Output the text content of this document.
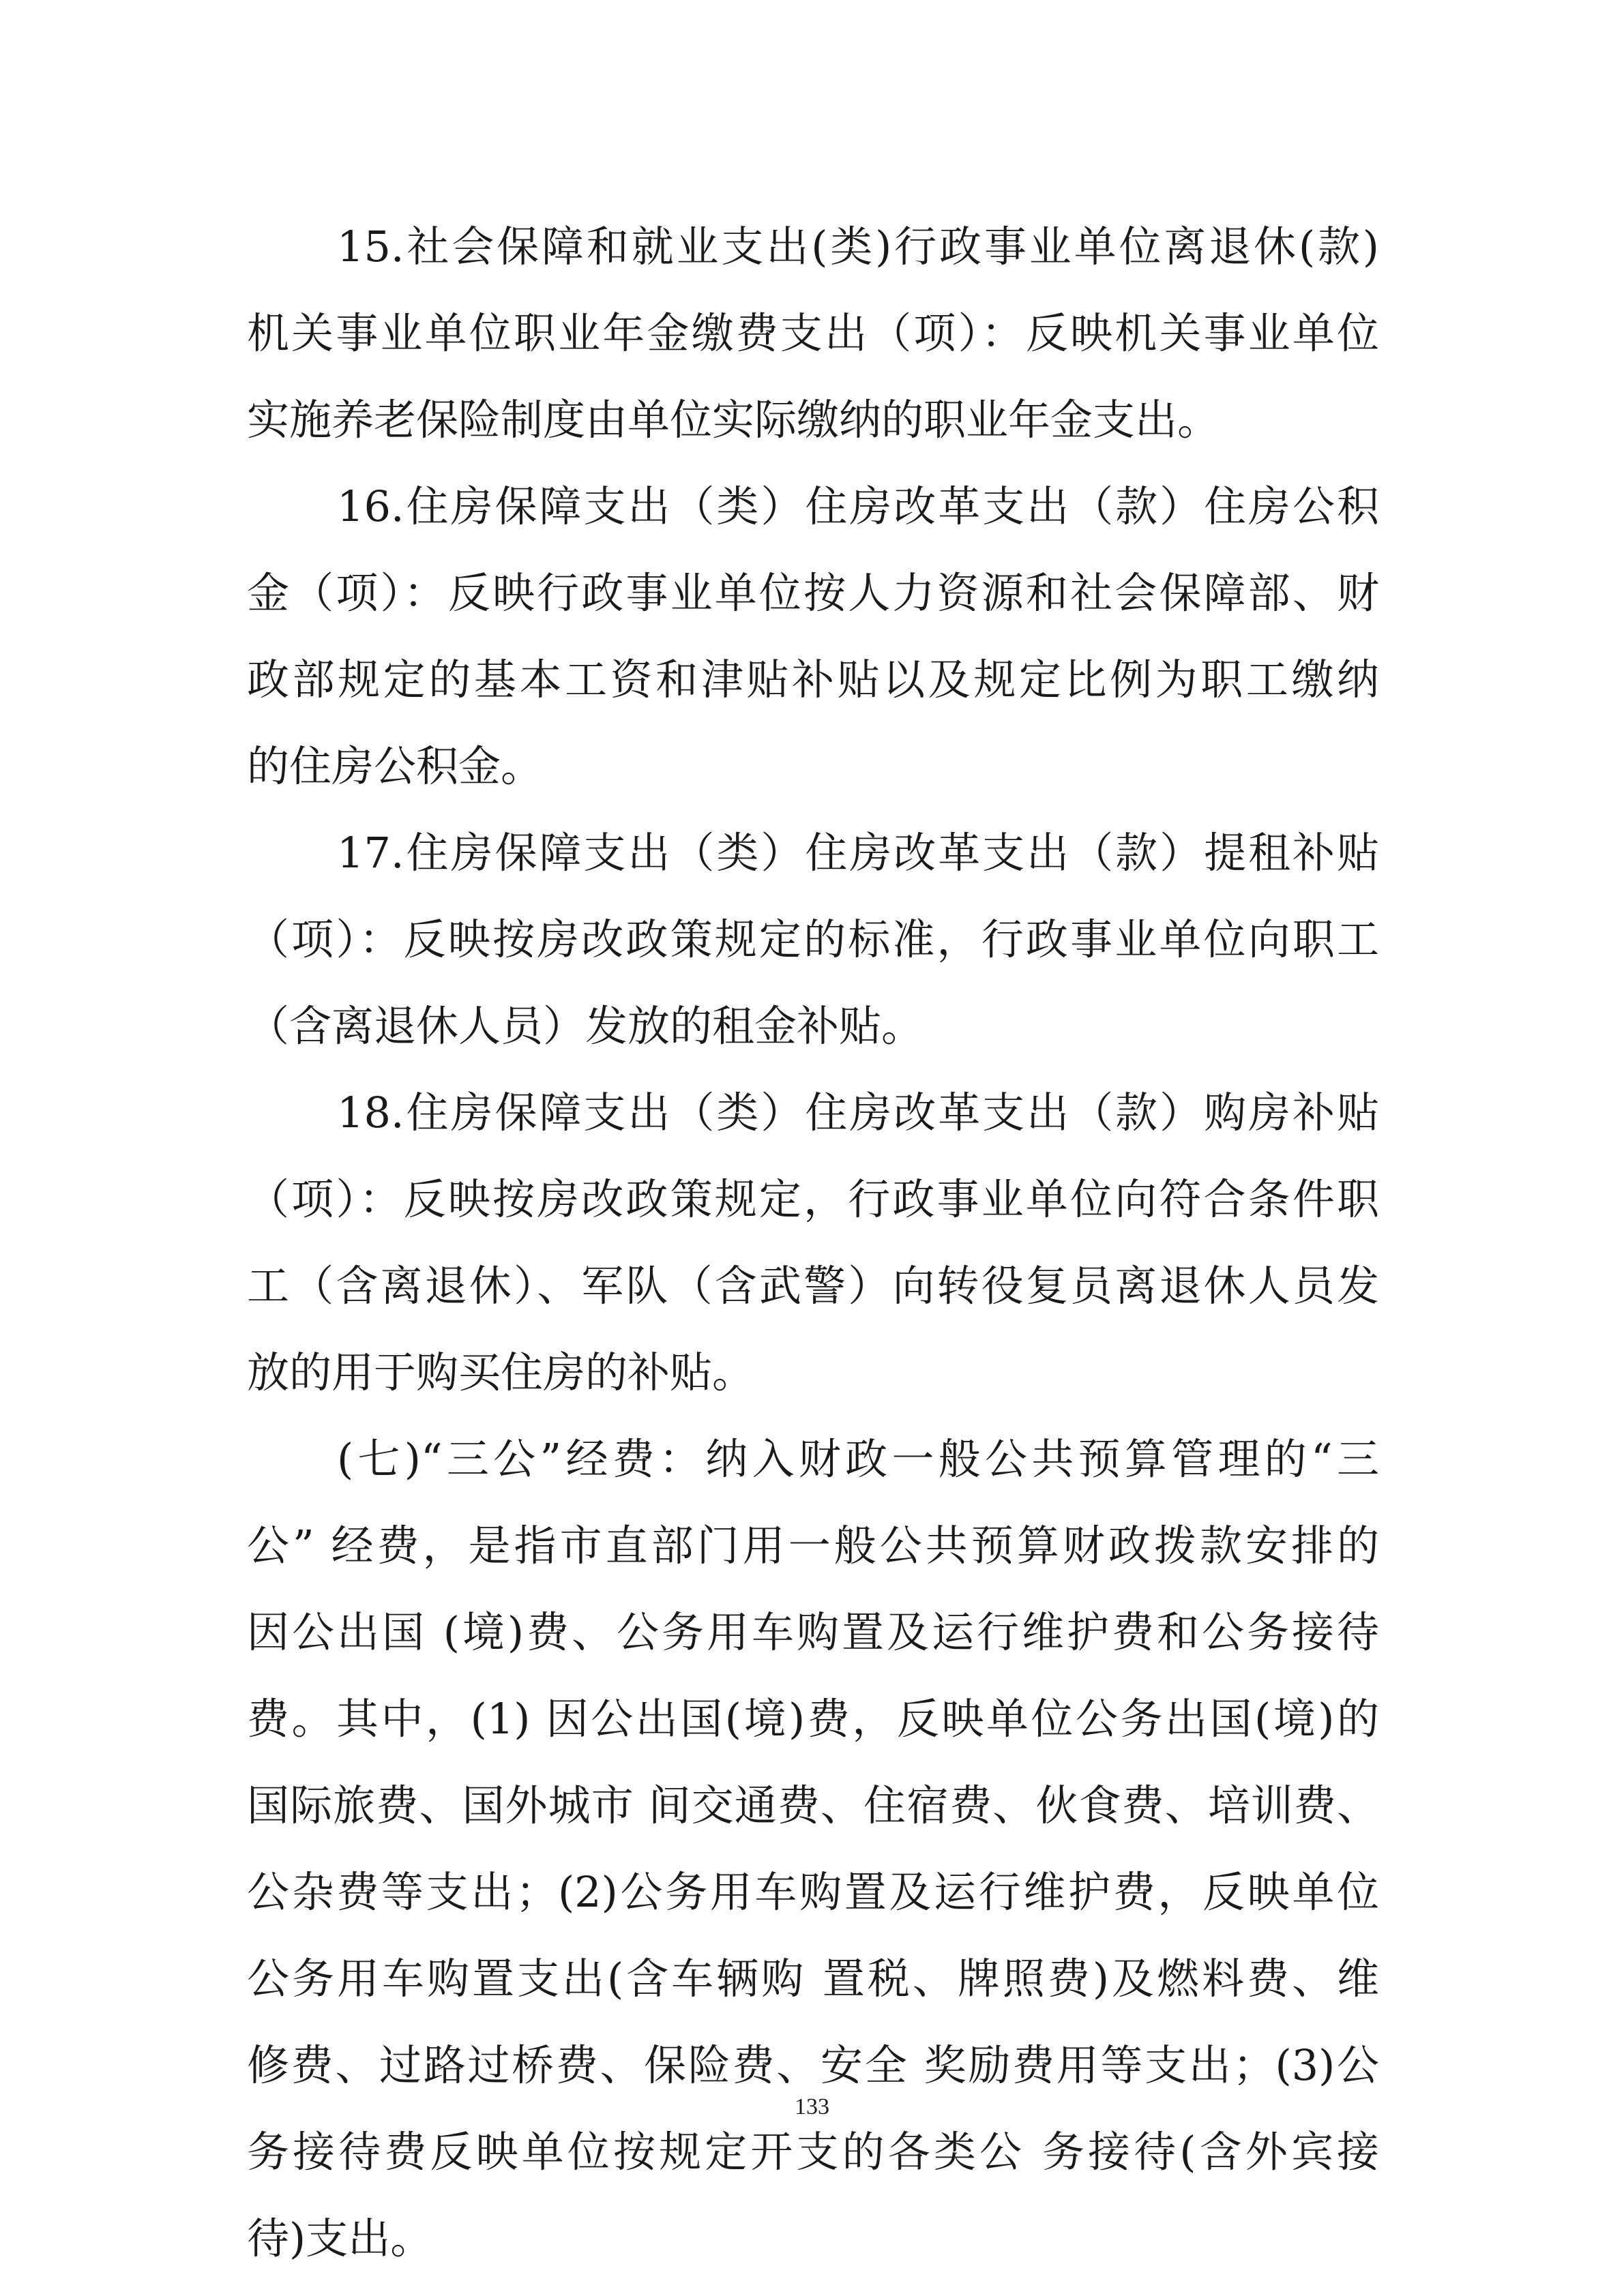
15.社会保障和就业支出(类)行政事业单位离退休(款)
机关事业单位职业年金缴费支出（项）：反映机关事业单位
实施养老保险制度由单位实际缴纳的职业年金支出。
16.住房保障支出（类）住房改革支出（款）住房公积
金（项）：反映行政事业单位按人力资源和社会保障部、财
政部规定的基本工资和津贴补贴以及规定比例为职工缴纳
的住房公积金。
17.住房保障支出（类）住房改革支出（款）提租补贴
（项）：反映按房改政策规定的标准，行政事业单位向职工
（含离退休人员）发放的租金补贴。
18.住房保障支出（类）住房改革支出（款）购房补贴
（项）：反映按房改政策规定，行政事业单位向符合条件职
工（含离退休）、军队（含武警）向转役复员离退休人员发
放的用于购买住房的补贴。
(七)“三公”经费：纳入财政一般公共预算管理的“三
公” 经费，是指市直部门用一般公共预算财政拨款安排的
因公出国 (境)费、公务用车购置及运行维护费和公务接待
费。其中，(1) 因公出国(境)费，反映单位公务出国(境)的
国际旅费、国外城市 间交通费、住宿费、伙食费、培训费、
公杂费等支出；(2)公务用车购置及运行维护费，反映单位
公务用车购置支出(含车辆购 置税、牌照费)及燃料费、维
修费、过路过桥费、保险费、安全 奖励费用等支出；(3)公
务接待费反映单位按规定开支的各类公 务接待(含外宾接
待)支出。
133
